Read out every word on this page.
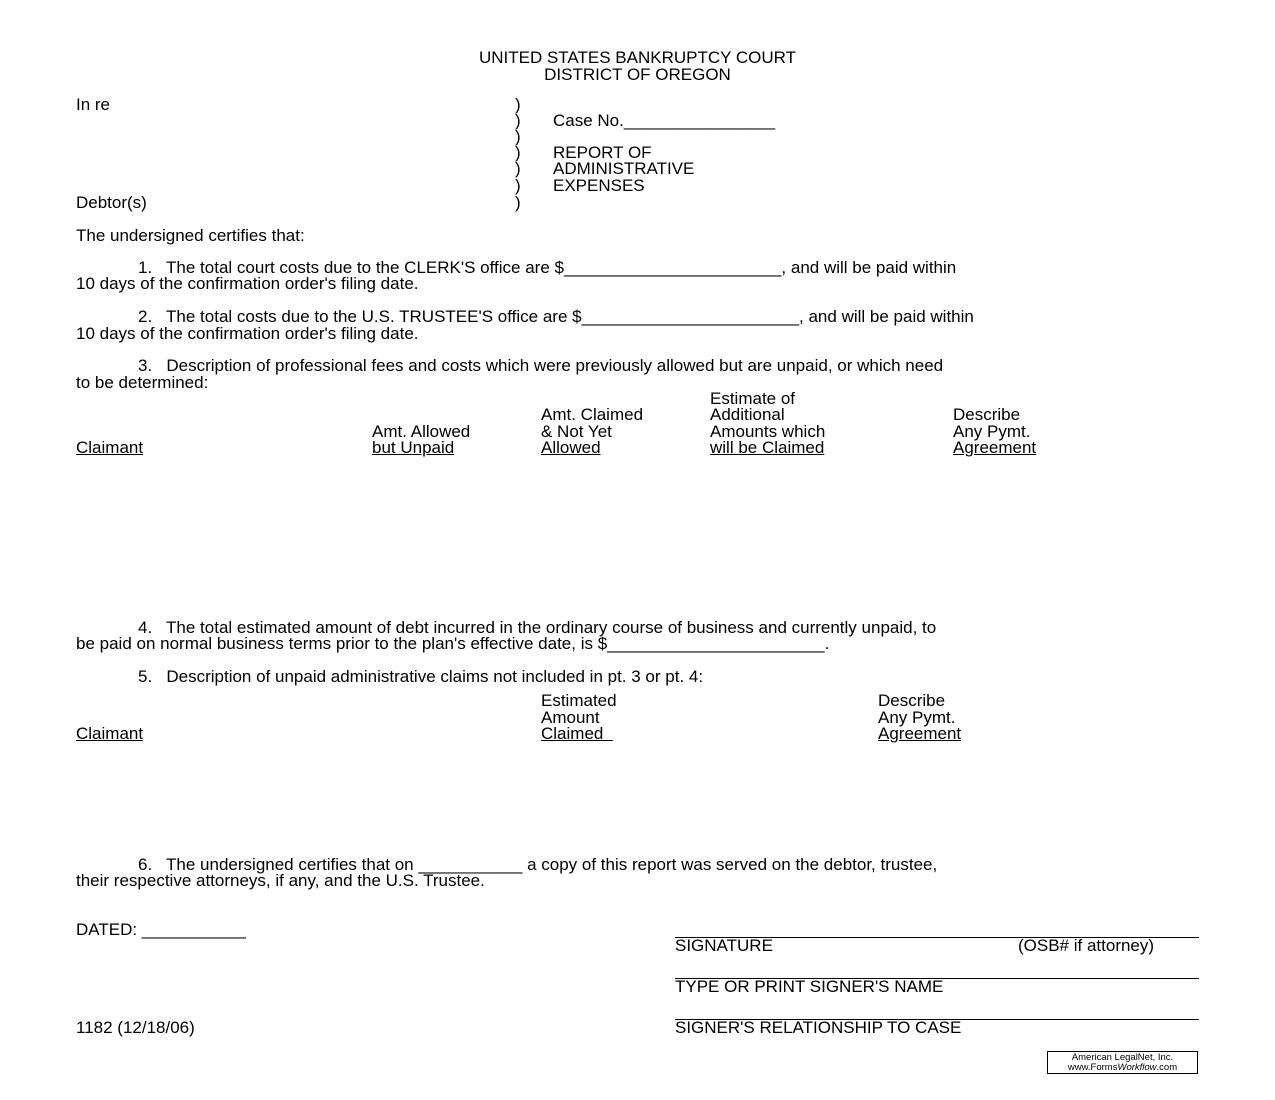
UNITED STATES BANKRUPTCY COURT
DISTRICT OF OREGON
In re
Debtor(s)
)
)
)
)
)
)
)
Case No.________________
REPORT OF
ADMINISTRATIVE
EXPENSES
The undersigned certifies that:
1.   The total court costs due to the CLERK'S office are $_______________________, and will be paid within
10 days of the confirmation order's filing date.
2.   The total costs due to the U.S. TRUSTEE'S office are $_______________________, and will be paid within
10 days of the confirmation order's filing date.
3.   Description of professional fees and costs which were previously allowed but are unpaid, or which need
to be determined:
Claimant
Amt. Allowed
but Unpaid
Amt. Claimed
& Not Yet
Allowed
Estimate of
Additional
Amounts which
will be Claimed
Describe
Any Pymt.
Agreement
4.   The total estimated amount of debt incurred in the ordinary course of business and currently unpaid, to
be paid on normal business terms prior to the plan's effective date, is $_______________________.
5.   Description of unpaid administrative claims not included in pt. 3 or pt. 4:
Claimant
Estimated
Amount
Claimed
Describe
Any Pymt.
Agreement
6.   The undersigned certifies that on ___________ a copy of this report was served on the debtor, trustee,
their respective attorneys, if any, and the U.S. Trustee.
DATED: ___________
SIGNATURE	(OSB# if attorney)
TYPE OR PRINT SIGNER'S NAME
SIGNER'S RELATIONSHIP TO CASE
1182 (12/18/06)
American LegalNet, Inc.
www.FormsWorkflow.com
